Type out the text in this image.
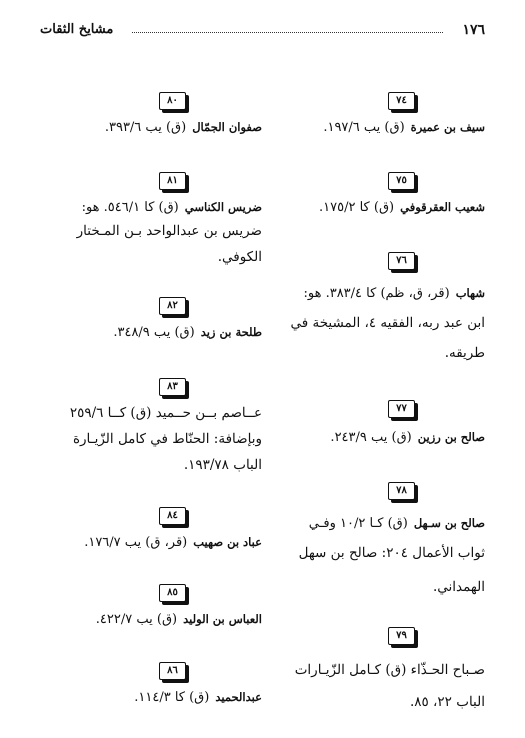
١٧٦
مشايخ الثقات
٧٤
سيف بن عميرة(ق) يب ١٩٧/٦.
٧٥
شعيب العقرقوفي(ق) كا ١٧٥/٢.
٧٦
شهاب(قر، ق، ظم) كا ٣٨٣/٤. هو:
ابن عبد ربه، الفقيه ٤، المشيخة في
طريقه.
٧٧
صالح بن رزين(ق) يب ٢٤٣/٩.
٧٨
صالح بن سـهل(ق) كـا ١٠/٢ وفـي
ثواب الأعمال ٢٠٤: صالح بن سهل
الهمداني.
٧٩
صـباح الحـذّاء (ق) كـامل الزّيـارات
الباب ٢٢، ٨٥.
٨٠
صفوان الجمّال(ق) يب ٣٩٣/٦.
٨١
ضريس الكناسي(ق) كا ٥٤٦/١. هو:
ضريس بن عبدالواحد بـن المـختار
الكوفي.
٨٢
طلحة بن زيد(ق) يب ٣٤٨/٩.
٨٣
عــاصم بــن حــميد (ق) كــا ٢٥٩/٦
وبإضافة: الحنّاط في كامل الزّيـارة
الباب ١٩٣/٧٨.
٨٤
عباد بن صهيب(قر، ق) يب ١٧٦/٧.
٨٥
العباس بن الوليد(ق) يب ٤٢٢/٧.
٨٦
عبدالحميد(ق) كا ١١٤/٣.
